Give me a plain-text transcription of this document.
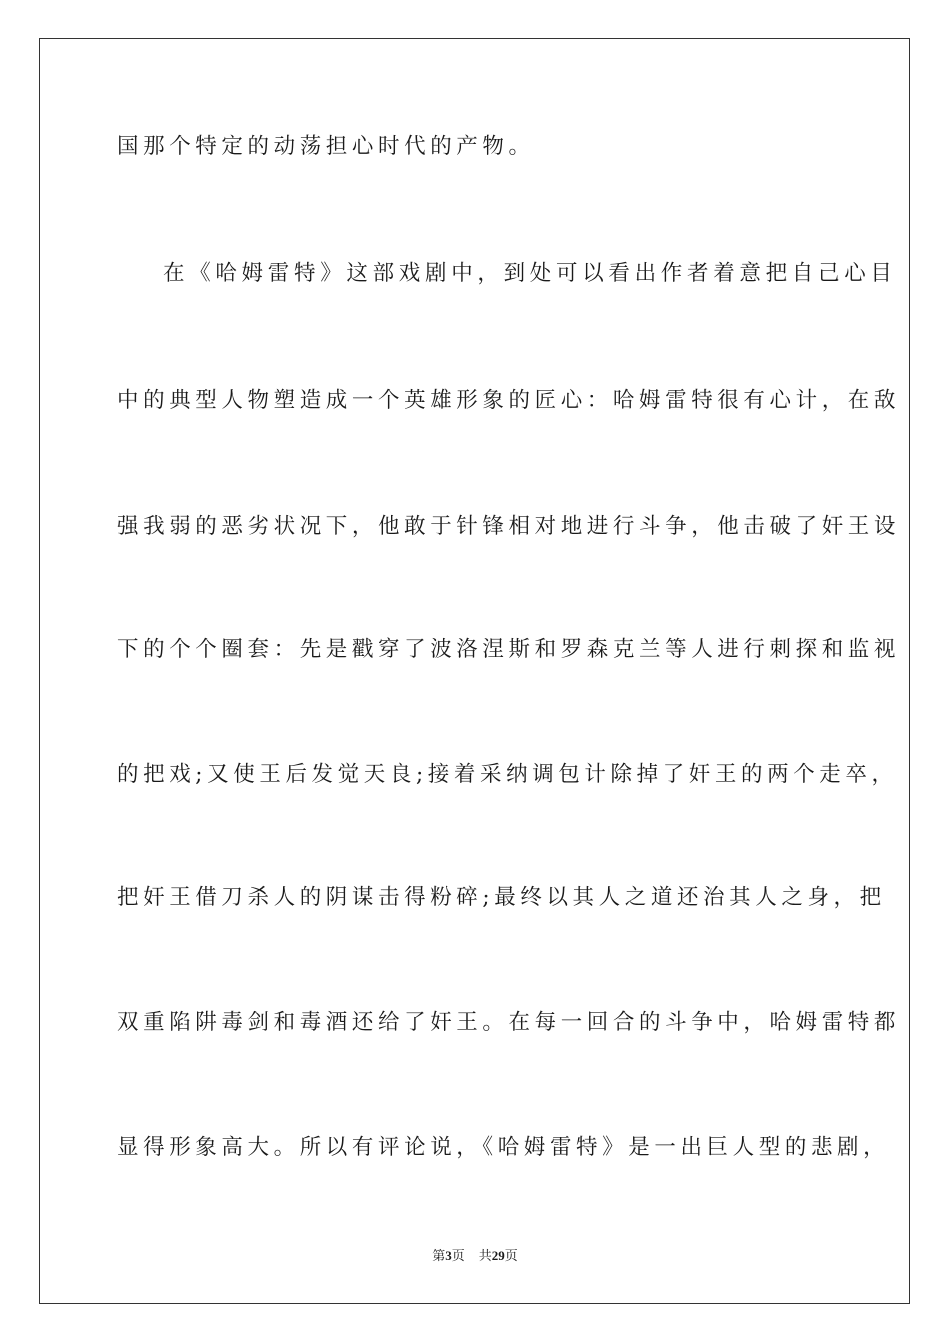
国那个特定的动荡担心时代的产物。
在《哈姆雷特》这部戏剧中，到处可以看出作者着意把自己心目
中的典型人物塑造成一个英雄形象的匠心：哈姆雷特很有心计，在敌
强我弱的恶劣状况下，他敢于针锋相对地进行斗争，他击破了奸王设
下的个个圈套：先是戳穿了波洛涅斯和罗森克兰等人进行刺探和监视
的把戏;又使王后发觉天良;接着采纳调包计除掉了奸王的两个走卒，
把奸王借刀杀人的阴谋击得粉碎;最终以其人之道还治其人之身，把
双重陷阱毒剑和毒酒还给了奸王。在每一回合的斗争中，哈姆雷特都
显得形象高大。所以有评论说，《哈姆雷特》是一出巨人型的悲剧，
第3页 共29页
